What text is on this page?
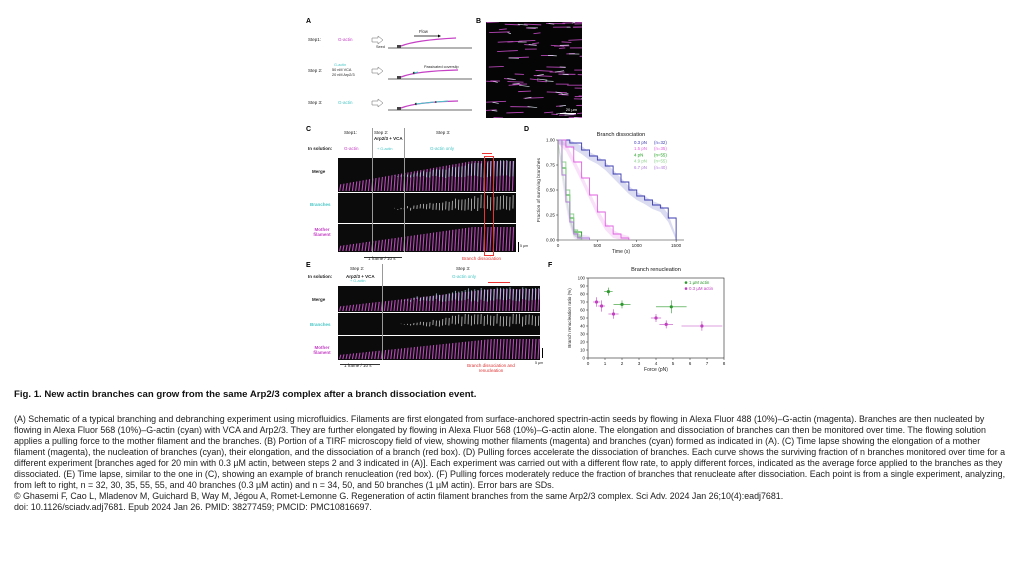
A
Step1:	G-actin
Flow
Seed
Step 2:
G-actin
50 nM VCA
20 nM Arp2/3
Passivated coverslip
Step 3:	G-actin
B
20 µm
C
In solution:
Step1:
G-actin
Step 2:
Arp2/3 + VCA
+ G-actin
Step 3:
G-actin only
Merge
Branches
Mother filament
1 frame / 10 s	Branch dissociation
5 µm
D
Branch dissociation
0	500	1000	1500
0.00
0.25
0.50
0.75
1.00
Time (s)
Fraction of surviving branches
0.3 pN (n=32)
1.5 pN (n=35)
4 pN (n=55)
4.9 pN (n=55)
6.7 pN (n=40)
E
In solution:
Step 2:
Arp2/3 + VCA
+ G-actin
Step 3:
G-actin only
Merge
Branches
Mother filament
1 frame / 10 s	Branch dissociation and renucleation
5 µm
F
Branch renucleation
0	1	2	3	4	5	6	7	8
0
10
20
30
40
50
60
70
80
90
100
Force (pN)
Branch renucleation ratio (%)
1 µM actin
0.3 µM actin

Fig. 1. New actin branches can grow from the same Arp2/3 complex after a branch dissociation event.

(A) Schematic of a typical branching and debranching experiment using microfluidics. Filaments are first elongated from surface-anchored spectrin-actin seeds by flowing in Alexa Fluor 488 (10%)–G-actin (magenta). Branches are then nucleated by flowing in Alexa Fluor 568 (10%)–G-actin (cyan) with VCA and Arp2/3. They are further elongated by flowing in Alexa Fluor 568 (10%)–G-actin alone. The elongation and dissociation of branches can then be monitored over time. The flowing solution applies a pulling force to the mother filament and the branches. (B) Portion of a TIRF microscopy field of view, showing mother filaments (magenta) and branches (cyan) formed as indicated in (A). (C) Time lapse showing the elongation of a mother filament (magenta), the nucleation of branches (cyan), their elongation, and the dissociation of a branch (red box). (D) Pulling forces accelerate the dissociation of branches. Each curve shows the surviving fraction of n branches monitored over time for a different experiment [branches aged for 20 min with 0.3 µM actin, between steps 2 and 3 indicated in (A)]. Each experiment was carried out with a different flow rate, to apply different forces, indicated as the average force applied to the branches as they dissociated. (E) Time lapse, similar to the one in (C), showing an example of branch renucleation (red box). (F) Pulling forces moderately reduce the fraction of branches that renucleate after dissociation. Each point is from a single experiment, analyzing, from left to right, n = 32, 30, 35, 55, 55, and 40 branches (0.3 µM actin) and n = 34, 50, and 50 branches (1 µM actin). Error bars are SDs.

© Ghasemi F, Cao L, Mladenov M, Guichard B, Way M, Jégou A, Romet-Lemonne G. Regeneration of actin filament branches from the same Arp2/3 complex. Sci Adv. 2024 Jan 26;10(4):eadj7681.
doi: 10.1126/sciadv.adj7681. Epub 2024 Jan 26. PMID: 38277459; PMCID: PMC10816697.
